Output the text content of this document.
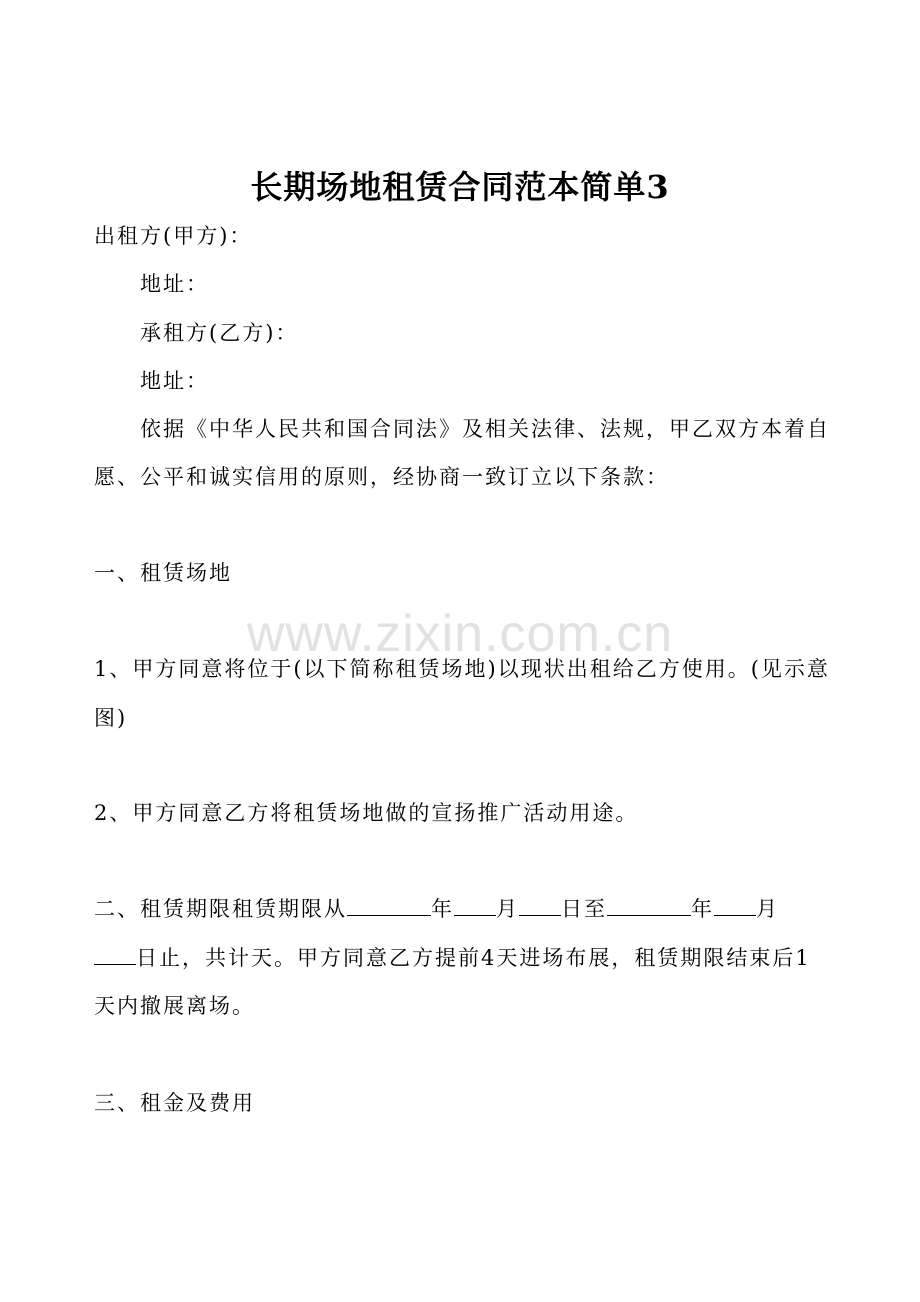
www.zixin.com.cn
长期场地租赁合同范本简单3
出租方(甲方)：
地址：
承租方(乙方)：
地址：
依据《中华人民共和国合同法》及相关法律、法规，甲乙双方本着自
愿、公平和诚实信用的原则，经协商一致订立以下条款：
一、租赁场地
1、甲方同意将位于(以下简称租赁场地)以现状出租给乙方使用。(见示意
图)
2、甲方同意乙方将租赁场地做的宣扬推广活动用途。
二、租赁期限租赁期限从	年 月 日至	年 月
日止，共计天。甲方同意乙方提前4天进场布展，租赁期限结束后1
天内撤展离场。
三、租金及费用
